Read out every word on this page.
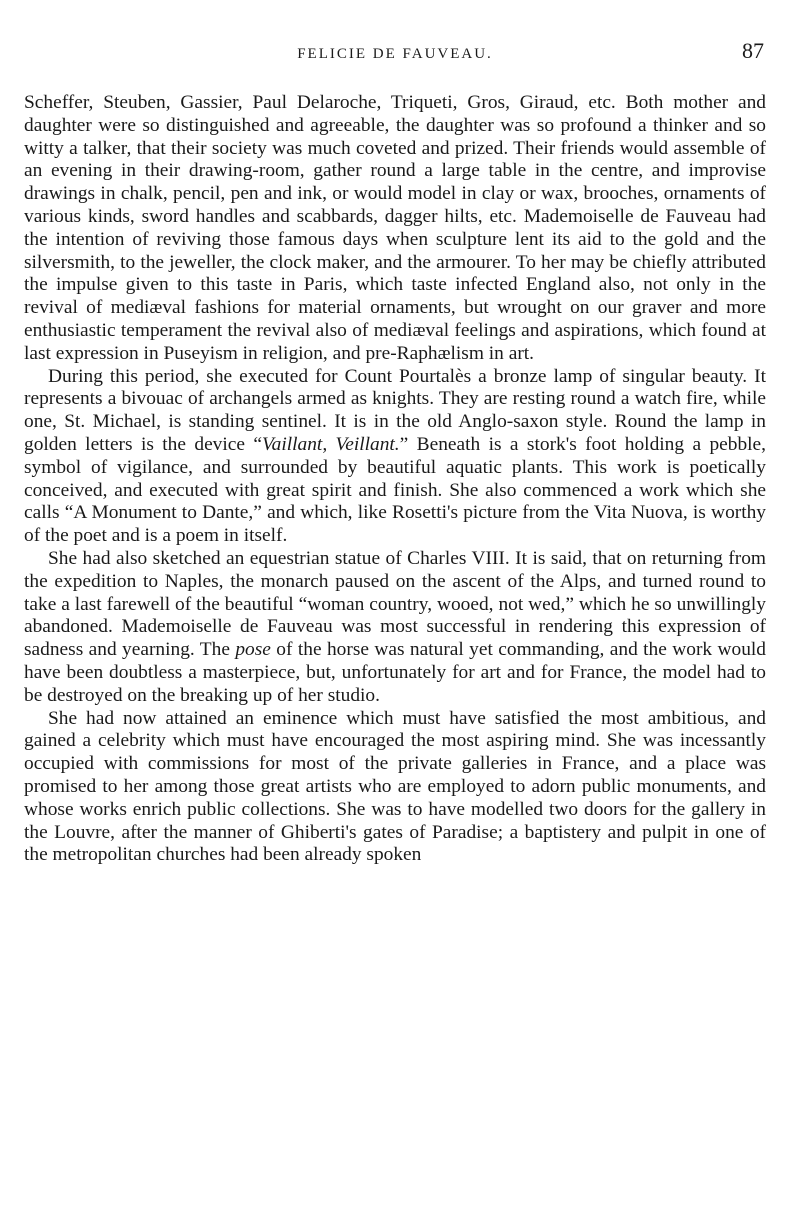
FELICIE DE FAUVEAU.	87

Scheffer, Steuben, Gassier, Paul Delaroche, Triqueti, Gros, Giraud, etc. Both mother and daughter were so distinguished and agreeable, the daughter was so profound a thinker and so witty a talker, that their society was much coveted and prized. Their friends would assemble of an evening in their drawing-room, gather round a large table in the centre, and improvise drawings in chalk, pencil, pen and ink, or would model in clay or wax, brooches, ornaments of various kinds, sword handles and scabbards, dagger hilts, etc. Mademoiselle de Fauveau had the intention of reviving those famous days when sculpture lent its aid to the gold and the silversmith, to the jeweller, the clock maker, and the armourer. To her may be chiefly attributed the impulse given to this taste in Paris, which taste infected England also, not only in the revival of mediæval fashions for material ornaments, but wrought on our graver and more enthusiastic temperament the revival also of mediæval feelings and aspirations, which found at last expression in Puseyism in religion, and pre-Raphælism in art.

During this period, she executed for Count Pourtalès a bronze lamp of singular beauty. It represents a bivouac of archangels armed as knights. They are resting round a watch fire, while one, St. Michael, is standing sentinel. It is in the old Anglo-saxon style. Round the lamp in golden letters is the device “Vaillant, Veillant.” Beneath is a stork's foot holding a pebble, symbol of vigilance, and surrounded by beautiful aquatic plants. This work is poetically conceived, and executed with great spirit and finish. She also commenced a work which she calls “A Monument to Dante,” and which, like Rosetti's picture from the Vita Nuova, is worthy of the poet and is a poem in itself.

She had also sketched an equestrian statue of Charles VIII. It is said, that on returning from the expedition to Naples, the monarch paused on the ascent of the Alps, and turned round to take a last farewell of the beautiful “woman country, wooed, not wed,” which he so unwillingly abandoned. Mademoiselle de Fauveau was most successful in rendering this expression of sadness and yearning. The pose of the horse was natural yet commanding, and the work would have been doubtless a masterpiece, but, unfortunately for art and for France, the model had to be destroyed on the breaking up of her studio.

She had now attained an eminence which must have satisfied the most ambitious, and gained a celebrity which must have encouraged the most aspiring mind. She was incessantly occupied with commissions for most of the private galleries in France, and a place was promised to her among those great artists who are employed to adorn public monuments, and whose works enrich public collections. She was to have modelled two doors for the gallery in the Louvre, after the manner of Ghiberti's gates of Paradise; a baptistery and pulpit in one of the metropolitan churches had been already spoken
